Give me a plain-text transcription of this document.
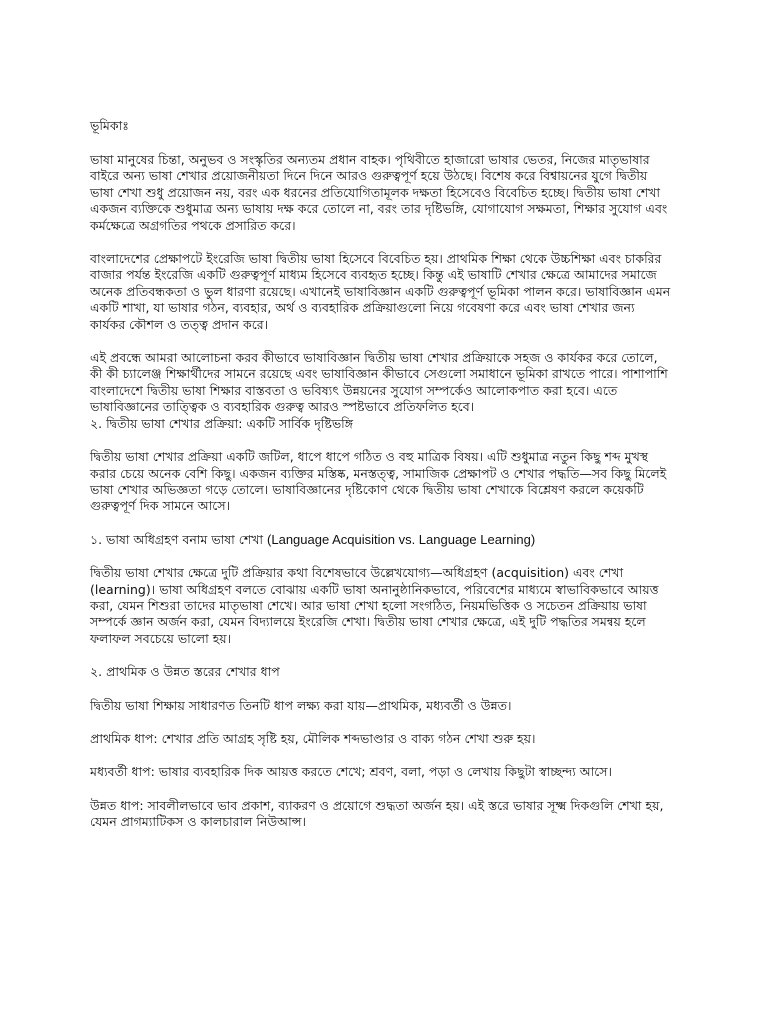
ভূমিকাঃ

ভাষা মানুষের চিন্তা, অনুভব ও সংস্কৃতির অন্যতম প্রধান বাহক। পৃথিবীতে হাজারো ভাষার ভেতর, নিজের মাতৃভাষার বাইরে অন্য ভাষা শেখার প্রয়োজনীয়তা দিনে দিনে আরও গুরুত্বপূর্ণ হয়ে উঠছে। বিশেষ করে বিশ্বায়নের যুগে দ্বিতীয় ভাষা শেখা শুধু প্রয়োজন নয়, বরং এক ধরনের প্রতিযোগিতামূলক দক্ষতা হিসেবেও বিবেচিত হচ্ছে। দ্বিতীয় ভাষা শেখা একজন ব্যক্তিকে শুধুমাত্র অন্য ভাষায় দক্ষ করে তোলে না, বরং তার দৃষ্টিভঙ্গি, যোগাযোগ সক্ষমতা, শিক্ষার সুযোগ এবং কর্মক্ষেত্রে অগ্রগতির পথকে প্রসারিত করে।

বাংলাদেশের প্রেক্ষাপটে ইংরেজি ভাষা দ্বিতীয় ভাষা হিসেবে বিবেচিত হয়। প্রাথমিক শিক্ষা থেকে উচ্চশিক্ষা এবং চাকরির বাজার পর্যন্ত ইংরেজি একটি গুরুত্বপূর্ণ মাধ্যম হিসেবে ব্যবহৃত হচ্ছে। কিন্তু এই ভাষাটি শেখার ক্ষেত্রে আমাদের সমাজে অনেক প্রতিবন্ধকতা ও ভুল ধারণা রয়েছে। এখানেই ভাষাবিজ্ঞান একটি গুরুত্বপূর্ণ ভূমিকা পালন করে। ভাষাবিজ্ঞান এমন একটি শাখা, যা ভাষার গঠন, ব্যবহার, অর্থ ও ব্যবহারিক প্রক্রিয়াগুলো নিয়ে গবেষণা করে এবং ভাষা শেখার জন্য কার্যকর কৌশল ও তত্ত্ব প্রদান করে।

এই প্রবন্ধে আমরা আলোচনা করব কীভাবে ভাষাবিজ্ঞান দ্বিতীয় ভাষা শেখার প্রক্রিয়াকে সহজ ও কার্যকর করে তোলে, কী কী চ্যালেঞ্জ শিক্ষার্থীদের সামনে রয়েছে এবং ভাষাবিজ্ঞান কীভাবে সেগুলো সমাধানে ভূমিকা রাখতে পারে। পাশাপাশি বাংলাদেশে দ্বিতীয় ভাষা শিক্ষার বাস্তবতা ও ভবিষ্যৎ উন্নয়নের সুযোগ সম্পর্কেও আলোকপাত করা হবে। এতে ভাষাবিজ্ঞানের তাত্ত্বিক ও ব্যবহারিক গুরুত্ব আরও স্পষ্টভাবে প্রতিফলিত হবে।

২. দ্বিতীয় ভাষা শেখার প্রক্রিয়া: একটি সার্বিক দৃষ্টিভঙ্গি

দ্বিতীয় ভাষা শেখার প্রক্রিয়া একটি জটিল, ধাপে ধাপে গঠিত ও বহু মাত্রিক বিষয়। এটি শুধুমাত্র নতুন কিছু শব্দ মুখস্থ করার চেয়ে অনেক বেশি কিছু। একজন ব্যক্তির মস্তিষ্ক, মনস্তত্ত্ব, সামাজিক প্রেক্ষাপট ও শেখার পদ্ধতি—সব কিছু মিলেই ভাষা শেখার অভিজ্ঞতা গড়ে তোলে। ভাষাবিজ্ঞানের দৃষ্টিকোণ থেকে দ্বিতীয় ভাষা শেখাকে বিশ্লেষণ করলে কয়েকটি গুরুত্বপূর্ণ দিক সামনে আসে।

১. ভাষা অধিগ্রহণ বনাম ভাষা শেখা (Language Acquisition vs. Language Learning)

দ্বিতীয় ভাষা শেখার ক্ষেত্রে দুটি প্রক্রিয়ার কথা বিশেষভাবে উল্লেখযোগ্য—অধিগ্রহণ (acquisition) এবং শেখা (learning)। ভাষা অধিগ্রহণ বলতে বোঝায় একটি ভাষা অনানুষ্ঠানিকভাবে, পরিবেশের মাধ্যমে স্বাভাবিকভাবে আয়ত্ত করা, যেমন শিশুরা তাদের মাতৃভাষা শেখে। আর ভাষা শেখা হলো সংগঠিত, নিয়মভিত্তিক ও সচেতন প্রক্রিয়ায় ভাষা সম্পর্কে জ্ঞান অর্জন করা, যেমন বিদ্যালয়ে ইংরেজি শেখা। দ্বিতীয় ভাষা শেখার ক্ষেত্রে, এই দুটি পদ্ধতির সমন্বয় হলে ফলাফল সবচেয়ে ভালো হয়।

২. প্রাথমিক ও উন্নত স্তরের শেখার ধাপ

দ্বিতীয় ভাষা শিক্ষায় সাধারণত তিনটি ধাপ লক্ষ্য করা যায়—প্রাথমিক, মধ্যবর্তী ও উন্নত।

প্রাথমিক ধাপ: শেখার প্রতি আগ্রহ সৃষ্টি হয়, মৌলিক শব্দভাণ্ডার ও বাক্য গঠন শেখা শুরু হয়।

মধ্যবর্তী ধাপ: ভাষার ব্যবহারিক দিক আয়ত্ত করতে শেখে; শ্রবণ, বলা, পড়া ও লেখায় কিছুটা স্বাচ্ছন্দ্য আসে।

উন্নত ধাপ: সাবলীলভাবে ভাব প্রকাশ, ব্যাকরণ ও প্রয়োগে শুদ্ধতা অর্জন হয়। এই স্তরে ভাষার সূক্ষ্ম দিকগুলি শেখা হয়, যেমন প্রাগম্যাটিকস ও কালচারাল নিউআন্স।
